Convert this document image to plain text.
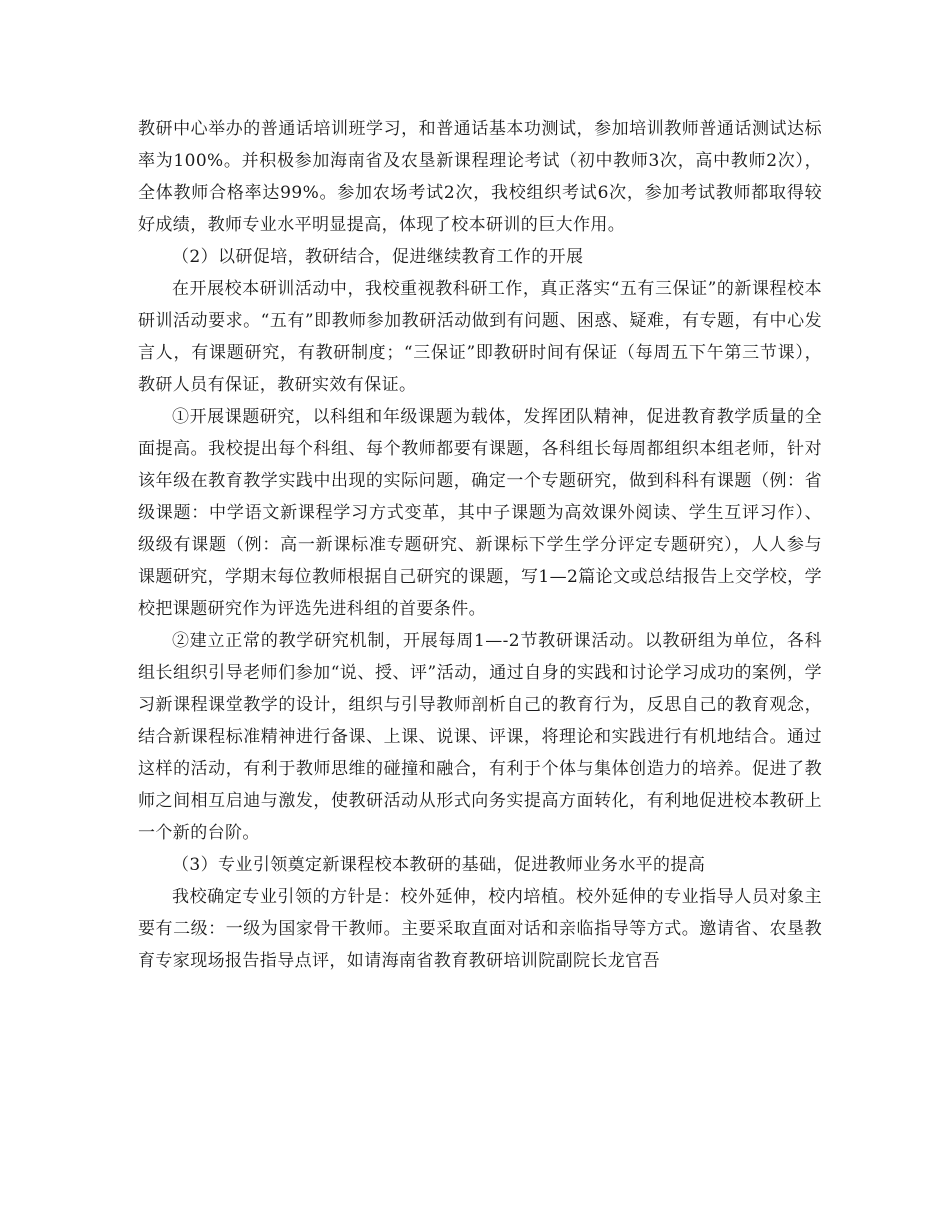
教研中心举办的普通话培训班学习，和普通话基本功测试，参加培训教师普通话测试达标率为100%。并积极参加海南省及农垦新课程理论考试（初中教师3次，高中教师2次），全体教师合格率达99%。参加农场考试2次，我校组织考试6次，参加考试教师都取得较好成绩，教师专业水平明显提高，体现了校本研训的巨大作用。

（2）以研促培，教研结合，促进继续教育工作的开展

在开展校本研训活动中，我校重视教科研工作，真正落实“五有三保证”的新课程校本研训活动要求。“五有”即教师参加教研活动做到有问题、困惑、疑难，有专题，有中心发言人，有课题研究，有教研制度；“三保证”即教研时间有保证（每周五下午第三节课），教研人员有保证，教研实效有保证。

①开展课题研究，以科组和年级课题为载体，发挥团队精神，促进教育教学质量的全面提高。我校提出每个科组、每个教师都要有课题，各科组长每周都组织本组老师，针对该年级在教育教学实践中出现的实际问题，确定一个专题研究，做到科科有课题（例：省级课题：中学语文新课程学习方式变革，其中子课题为高效课外阅读、学生互评习作）、级级有课题（例：高一新课标准专题研究、新课标下学生学分评定专题研究），人人参与课题研究，学期末每位教师根据自己研究的课题，写1—2篇论文或总结报告上交学校，学校把课题研究作为评选先进科组的首要条件。

②建立正常的教学研究机制，开展每周1—-2节教研课活动。以教研组为单位，各科组长组织引导老师们参加“说、授、评”活动，通过自身的实践和讨论学习成功的案例，学习新课程课堂教学的设计，组织与引导教师剖析自己的教育行为，反思自己的教育观念，结合新课程标准精神进行备课、上课、说课、评课，将理论和实践进行有机地结合。通过这样的活动，有利于教师思维的碰撞和融合，有利于个体与集体创造力的培养。促进了教师之间相互启迪与激发，使教研活动从形式向务实提高方面转化，有利地促进校本教研上一个新的台阶。

（3）专业引领奠定新课程校本教研的基础，促进教师业务水平的提高

我校确定专业引领的方针是：校外延伸，校内培植。校外延伸的专业指导人员对象主要有二级：一级为国家骨干教师。主要采取直面对话和亲临指导等方式。邀请省、农垦教育专家现场报告指导点评，如请海南省教育教研培训院副院长龙官吾
